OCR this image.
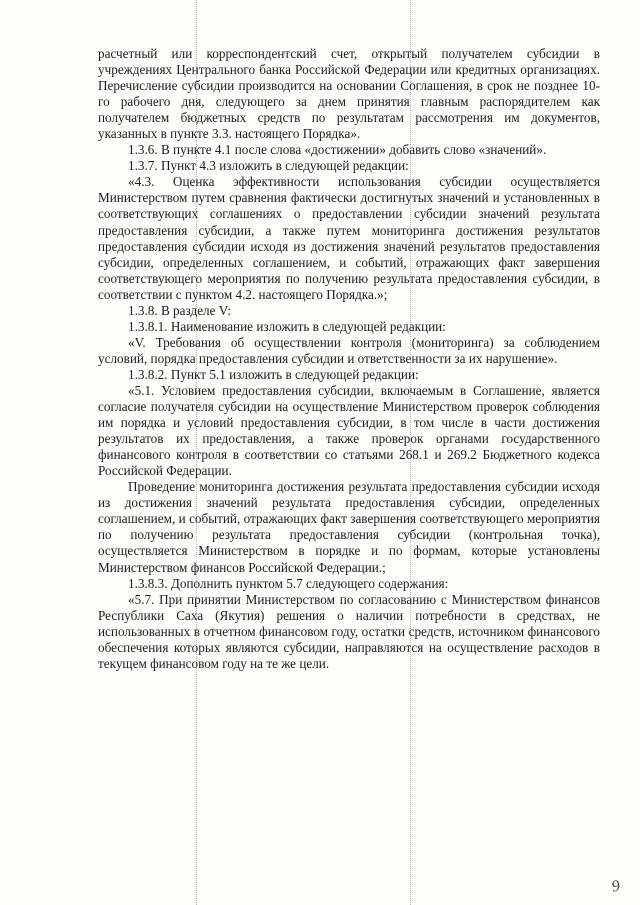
расчетный или корреспондентский счет, открытый получателем субсидии в учреждениях Центрального банка Российской Федерации или кредитных организациях. Перечисление субсидии производится на основании Соглашения, в срок не позднее 10-го рабочего дня, следующего за днем принятия главным распорядителем как получателем бюджетных средств по результатам рассмотрения им документов, указанных в пункте 3.3. настоящего Порядка».

1.3.6. В пункте 4.1 после слова «достижении» добавить слово «значений».

1.3.7. Пункт 4.3 изложить в следующей редакции:

«4.3. Оценка эффективности использования субсидии осуществляется Министерством путем сравнения фактически достигнутых значений и установленных в соответствующих соглашениях о предоставлении субсидии значений результата предоставления субсидии, а также путем мониторинга достижения результатов предоставления субсидии исходя из достижения значений результатов предоставления субсидии, определенных соглашением, и событий, отражающих факт завершения соответствующего мероприятия по получению результата предоставления субсидии, в соответствии с пунктом 4.2. настоящего Порядка.»;

1.3.8. В разделе V:

1.3.8.1. Наименование изложить в следующей редакции:

«V. Требования об осуществлении контроля (мониторинга) за соблюдением условий, порядка предоставления субсидии и ответственности за их нарушение».

1.3.8.2. Пункт 5.1 изложить в следующей редакции:

«5.1. Условием предоставления субсидии, включаемым в Соглашение, является согласие получателя субсидии на осуществление Министерством проверок соблюдения им порядка и условий предоставления субсидии, в том числе в части достижения результатов их предоставления, а также проверок органами государственного финансового контроля в соответствии со статьями 268.1 и 269.2 Бюджетного кодекса Российской Федерации.

Проведение мониторинга достижения результата предоставления субсидии исходя из достижения значений результата предоставления субсидии, определенных соглашением, и событий, отражающих факт завершения соответствующего мероприятия по получению результата предоставления субсидии (контрольная точка), осуществляется Министерством в порядке и по формам, которые установлены Министерством финансов Российской Федерации.;

1.3.8.3. Дополнить пунктом 5.7 следующего содержания:

«5.7. При принятии Министерством по согласованию с Министерством финансов Республики Саха (Якутия) решения о наличии потребности в средствах, не использованных в отчетном финансовом году, остатки средств, источником финансового обеспечения которых являются субсидии, направляются на осуществление расходов в текущем финансовом году на те же цели.

9
